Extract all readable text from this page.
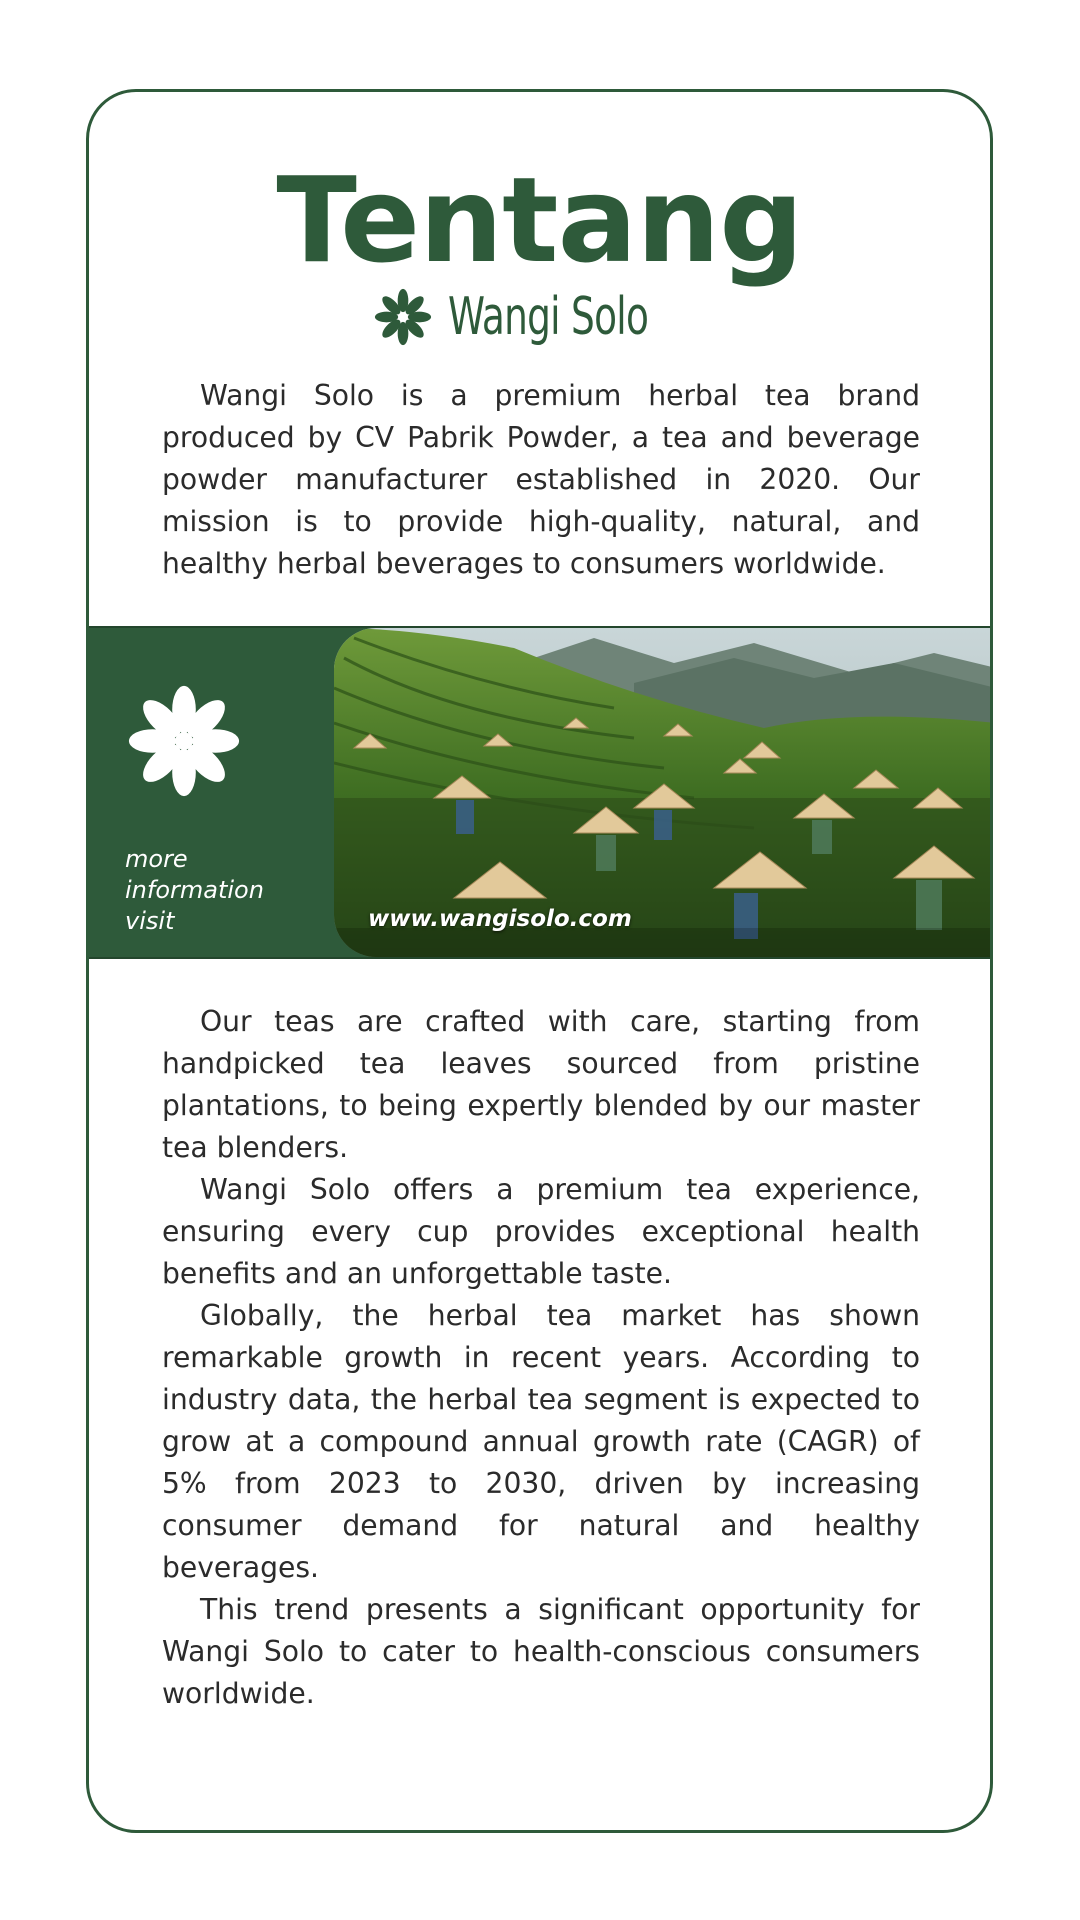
Tentang
Wangi Solo

Wangi Solo is a premium herbal tea brand produced by CV Pabrik Powder, a tea and beverage powder manufacturer established in 2020. Our mission is to provide high-quality, natural, and healthy herbal beverages to consumers worldwide.

more
information
visit	www.wangisolo.com

Our teas are crafted with care, starting from handpicked tea leaves sourced from pristine plantations, to being expertly blended by our master tea blenders.

Wangi Solo offers a premium tea experience, ensuring every cup provides exceptional health benefits and an unforgettable taste.

Globally, the herbal tea market has shown remarkable growth in recent years. According to industry data, the herbal tea segment is expected to grow at a compound annual growth rate (CAGR) of 5% from 2023 to 2030, driven by increasing consumer demand for natural and healthy beverages.

This trend presents a significant opportunity for Wangi Solo to cater to health-conscious consumers worldwide.
